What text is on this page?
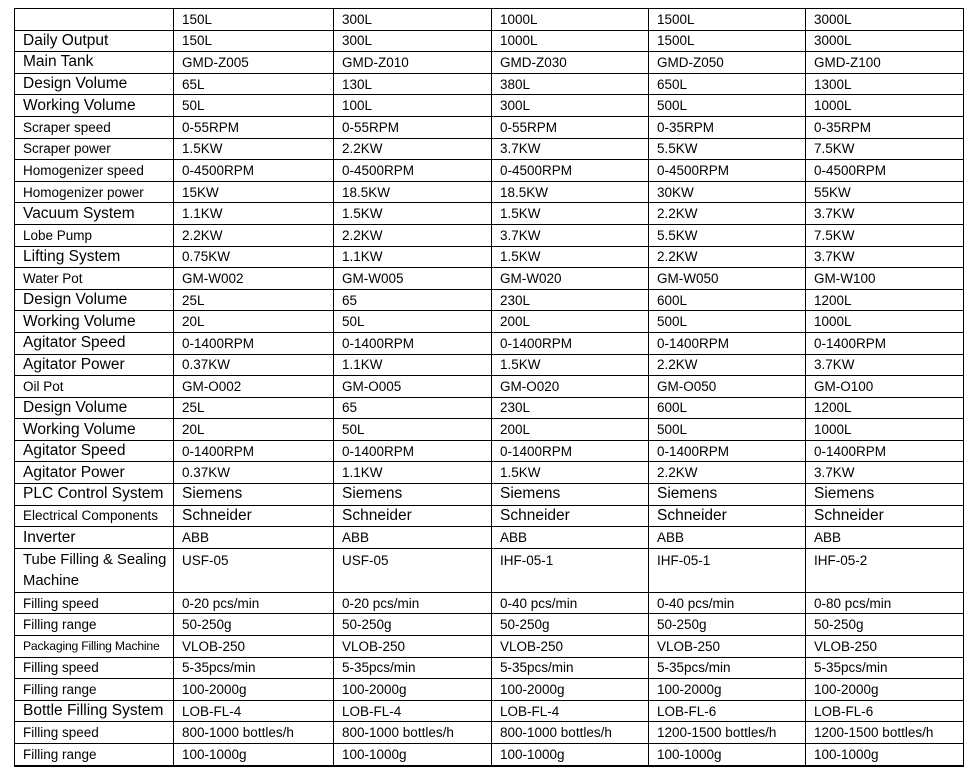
	150L	300L	1000L	1500L	3000L
Daily Output	150L	300L	1000L	1500L	3000L
Main Tank	GMD-Z005	GMD-Z010	GMD-Z030	GMD-Z050	GMD-Z100
Design Volume	65L	130L	380L	650L	1300L
Working Volume	50L	100L	300L	500L	1000L
Scraper speed	0-55RPM	0-55RPM	0-55RPM	0-35RPM	0-35RPM
Scraper power	1.5KW	2.2KW	3.7KW	5.5KW	7.5KW
Homogenizer speed	0-4500RPM	0-4500RPM	0-4500RPM	0-4500RPM	0-4500RPM
Homogenizer power	15KW	18.5KW	18.5KW	30KW	55KW
Vacuum System	1.1KW	1.5KW	1.5KW	2.2KW	3.7KW
Lobe Pump	2.2KW	2.2KW	3.7KW	5.5KW	7.5KW
Lifting System	0.75KW	1.1KW	1.5KW	2.2KW	3.7KW
Water Pot	GM-W002	GM-W005	GM-W020	GM-W050	GM-W100
Design Volume	25L	65	230L	600L	1200L
Working Volume	20L	50L	200L	500L	1000L
Agitator Speed	0-1400RPM	0-1400RPM	0-1400RPM	0-1400RPM	0-1400RPM
Agitator Power	0.37KW	1.1KW	1.5KW	2.2KW	3.7KW
Oil Pot	GM-O002	GM-O005	GM-O020	GM-O050	GM-O100
Design Volume	25L	65	230L	600L	1200L
Working Volume	20L	50L	200L	500L	1000L
Agitator Speed	0-1400RPM	0-1400RPM	0-1400RPM	0-1400RPM	0-1400RPM
Agitator Power	0.37KW	1.1KW	1.5KW	2.2KW	3.7KW
PLC Control System	Siemens	Siemens	Siemens	Siemens	Siemens
Electrical Components	Schneider	Schneider	Schneider	Schneider	Schneider
Inverter	ABB	ABB	ABB	ABB	ABB
Tube Filling & Sealing Machine	USF-05	USF-05	IHF-05-1	IHF-05-1	IHF-05-2
Filling speed	0-20 pcs/min	0-20 pcs/min	0-40 pcs/min	0-40 pcs/min	0-80 pcs/min
Filling range	50-250g	50-250g	50-250g	50-250g	50-250g
Packaging Filling Machine	VLOB-250	VLOB-250	VLOB-250	VLOB-250	VLOB-250
Filling speed	5-35pcs/min	5-35pcs/min	5-35pcs/min	5-35pcs/min	5-35pcs/min
Filling range	100-2000g	100-2000g	100-2000g	100-2000g	100-2000g
Bottle Filling System	LOB-FL-4	LOB-FL-4	LOB-FL-4	LOB-FL-6	LOB-FL-6
Filling speed	800-1000 bottles/h	800-1000 bottles/h	800-1000 bottles/h	1200-1500 bottles/h	1200-1500 bottles/h
Filling range	100-1000g	100-1000g	100-1000g	100-1000g	100-1000g
